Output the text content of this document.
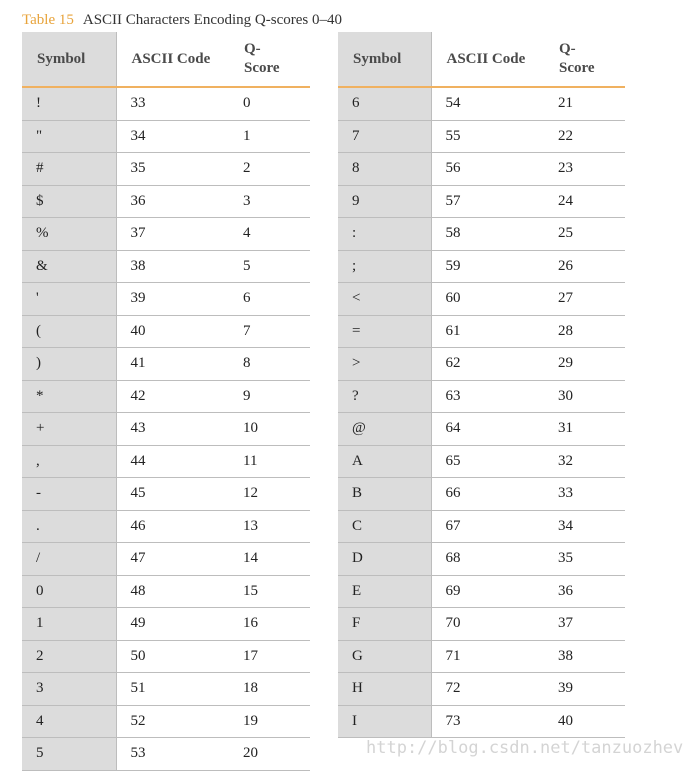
Table 15 ASCII Characters Encoding Q-scores 0–40
Symbol	ASCII Code	Q-
Score
!	33	0
"	34	1
#	35	2
$	36	3
%	37	4
&	38	5
'	39	6
(	40	7
)	41	8
*	42	9
+	43	10
,	44	11
-	45	12
.	46	13
/	47	14
0	48	15
1	49	16
2	50	17
3	51	18
4	52	19
5	53	20
Symbol	ASCII Code	Q-
Score
6	54	21
7	55	22
8	56	23
9	57	24
:	58	25
;	59	26
<	60	27
=	61	28
>	62	29
?	63	30
@	64	31
A	65	32
B	66	33
C	67	34
D	68	35
E	69	36
F	70	37
G	71	38
H	72	39
I	73	40
http://blog.csdn.net/tanzuozhev
